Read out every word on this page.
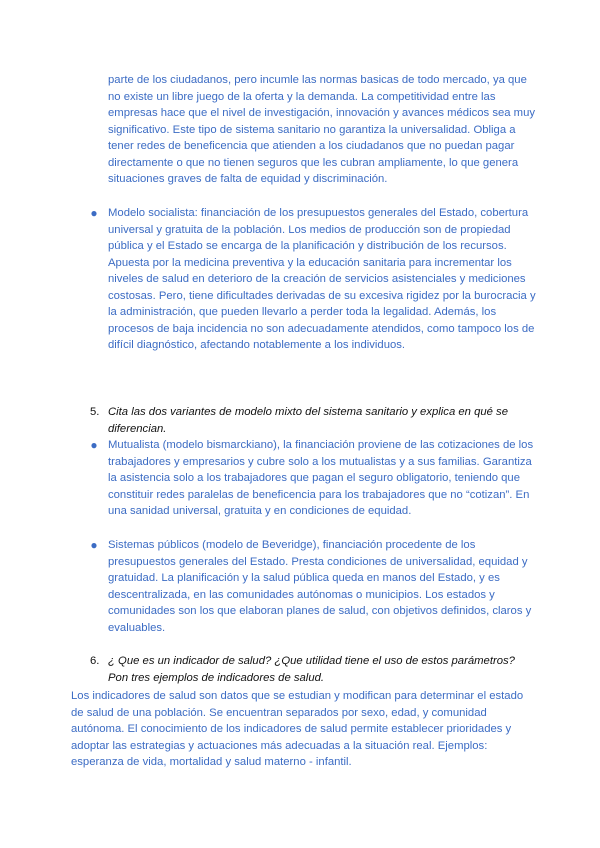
parte de los ciudadanos, pero incumle las normas basicas de todo mercado, ya que no existe un libre juego de la oferta y la demanda. La competitividad entre las empresas hace que el nivel de investigación, innovación y avances médicos sea muy significativo. Este tipo de sistema sanitario no garantiza la universalidad. Obliga a tener redes de beneficencia que atienden a los ciudadanos que no puedan pagar directamente o que no tienen seguros que les cubran ampliamente, lo que genera situaciones graves de falta de equidad y discriminación.

● Modelo socialista: financiación de los presupuestos generales del Estado, cobertura universal y gratuita de la población. Los medios de producción son de propiedad pública y el Estado se encarga de la planificación y distribución de los recursos.

Apuesta por la medicina preventiva y la educación sanitaria para incrementar los niveles de salud en deterioro de la creación de servicios asistenciales y mediciones costosas. Pero, tiene dificultades derivadas de su excesiva rigidez por la burocracia y la administración, que pueden llevarlo a perder toda la legalidad. Además, los procesos de baja incidencia no son adecuadamente atendidos, como tampoco los de difícil diagnóstico, afectando notablemente a los individuos.

5. Cita las dos variantes de modelo mixto del sistema sanitario y explica en qué se diferencian.

● Mutualista (modelo bismarckiano), la financiación proviene de las cotizaciones de los trabajadores y empresarios y cubre solo a los mutualistas y a sus familias. Garantiza la asistencia solo a los trabajadores que pagan el seguro obligatorio, teniendo que constituir redes paralelas de beneficencia para los trabajadores que no “cotizan”. En una sanidad universal, gratuita y en condiciones de equidad.

● Sistemas públicos (modelo de Beveridge), financiación procedente de los presupuestos generales del Estado. Presta condiciones de universalidad, equidad y gratuidad. La planificación y la salud pública queda en manos del Estado, y es descentralizada, en las comunidades autónomas o municipios. Los estados y comunidades son los que elaboran planes de salud, con objetivos definidos, claros y evaluables.

6. ¿ Que es un indicador de salud? ¿Que utilidad tiene el uso de estos parámetros? Pon tres ejemplos de indicadores de salud.

Los indicadores de salud son datos que se estudian y modifican para determinar el estado de salud de una población. Se encuentran separados por sexo, edad, y comunidad autónoma. El conocimiento de los indicadores de salud permite establecer prioridades y adoptar las estrategias y actuaciones más adecuadas a la situación real. Ejemplos: esperanza de vida, mortalidad y salud materno - infantil.
